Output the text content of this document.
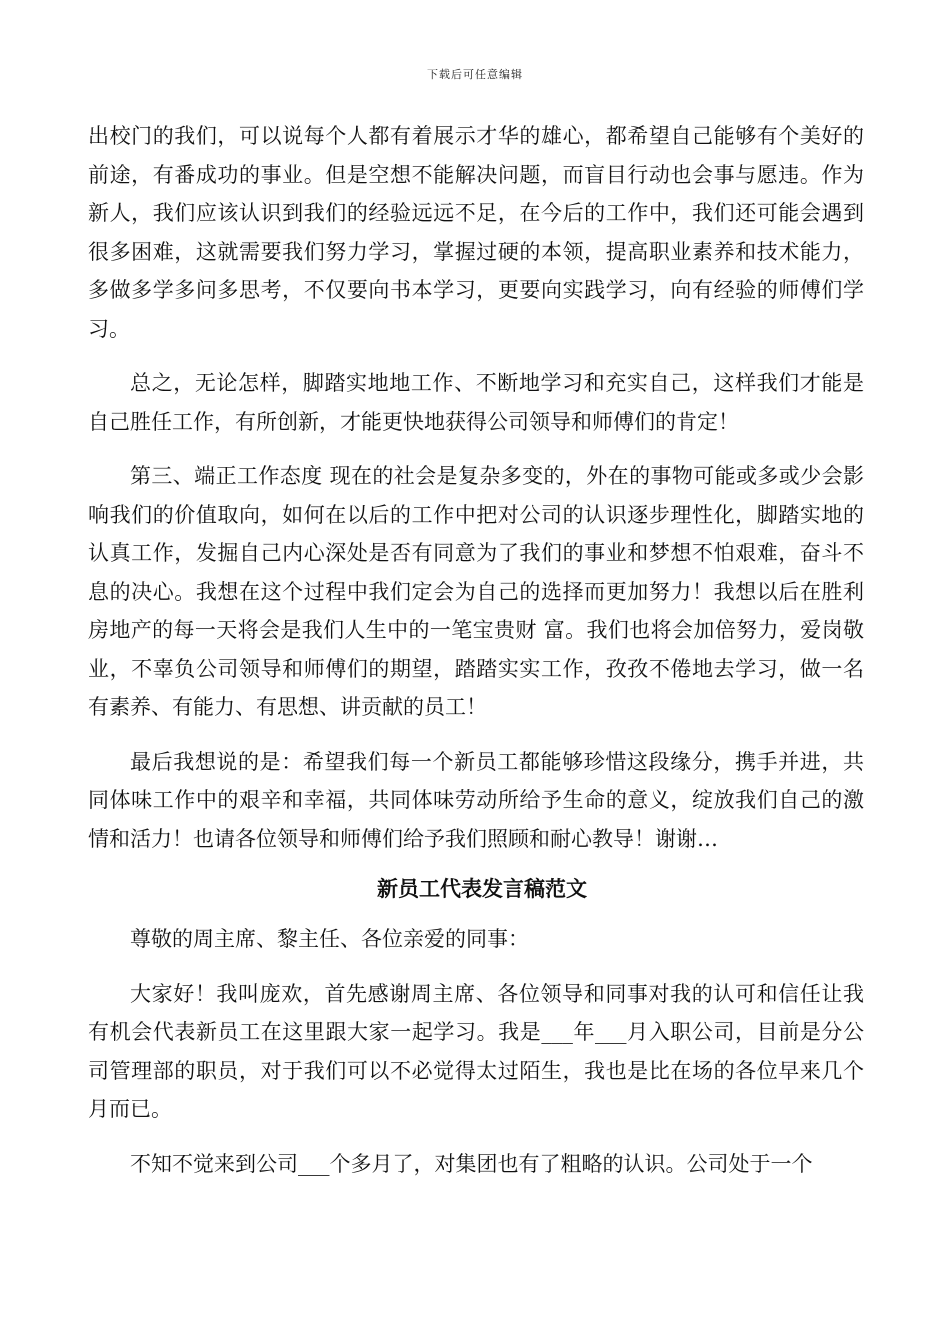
下载后可任意编辑

出校门的我们，可以说每个人都有着展示才华的雄心，都希望自己能够有个美好的前途，有番成功的事业。但是空想不能解决问题，而盲目行动也会事与愿违。作为新人，我们应该认识到我们的经验远远不足，在今后的工作中，我们还可能会遇到很多困难，这就需要我们努力学习，掌握过硬的本领，提高职业素养和技术能力，多做多学多问多思考，不仅要向书本学习，更要向实践学习，向有经验的师傅们学习。

总之，无论怎样，脚踏实地地工作、不断地学习和充实自己，这样我们才能是自己胜任工作，有所创新，才能更快地获得公司领导和师傅们的肯定！

第三、端正工作态度 现在的社会是复杂多变的，外在的事物可能或多或少会影响我们的价值取向，如何在以后的工作中把对公司的认识逐步理性化，脚踏实地的认真工作，发掘自己内心深处是否有同意为了我们的事业和梦想不怕艰难，奋斗不息的决心。我想在这个过程中我们定会为自己的选择而更加努力！我想以后在胜利房地产的每一天将会是我们人生中的一笔宝贵财 富。我们也将会加倍努力，爱岗敬业，不辜负公司领导和师傅们的期望，踏踏实实工作，孜孜不倦地去学习，做一名有素养、有能力、有思想、讲贡献的员工！

最后我想说的是：希望我们每一个新员工都能够珍惜这段缘分，携手并进，共同体味工作中的艰辛和幸福，共同体味劳动所给予生命的意义，绽放我们自己的激情和活力！也请各位领导和师傅们给予我们照顾和耐心教导！谢谢…

新员工代表发言稿范文

尊敬的周主席、黎主任、各位亲爱的同事：

大家好！我叫庞欢，首先感谢周主席、各位领导和同事对我的认可和信任让我有机会代表新员工在这里跟大家一起学习。我是___年___月入职公司，目前是分公司管理部的职员，对于我们可以不必觉得太过陌生，我也是比在场的各位早来几个月而已。

不知不觉来到公司___个多月了，对集团也有了粗略的认识。公司处于一个
